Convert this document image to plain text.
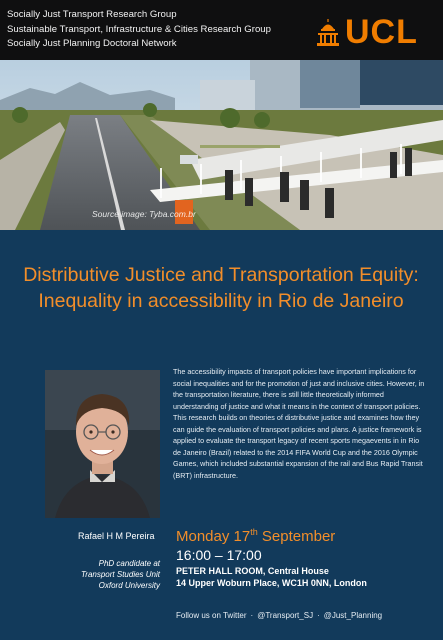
Socially Just Transport Research Group
Sustainable Transport, Infrastructure & Cities Research Group
Socially Just Planning Doctoral Network	UCL
Source image: Tyba.com.br
Distributive Justice and Transportation Equity: Inequality in accessibility in Rio de Janeiro
The accessibility impacts of transport policies have important implications for social inequalities and for the promotion of just and inclusive cities. However, in the transportation literature, there is still little theoretically informed understanding of justice and what it means in the context of transport policies. This research builds on theories of distributive justice and examines how they can guide the evaluation of transport policies and plans. A justice framework is applied to evaluate the transport legacy of recent sports megaevents in in Rio de Janeiro (Brazil) related to the 2014 FIFA World Cup and the 2016 Olympic Games, which included substantial expansion of the rail and Bus Rapid Transit (BRT) infrastructure.
Rafael H M Pereira
PhD candidate at
Transport Studies Unit
Oxford University
Monday 17th September
16:00 – 17:00
PETER HALL ROOM, Central House
14 Upper Woburn Place, WC1H 0NN, London
Follow us on Twitter · @Transport_SJ · @Just_Planning
